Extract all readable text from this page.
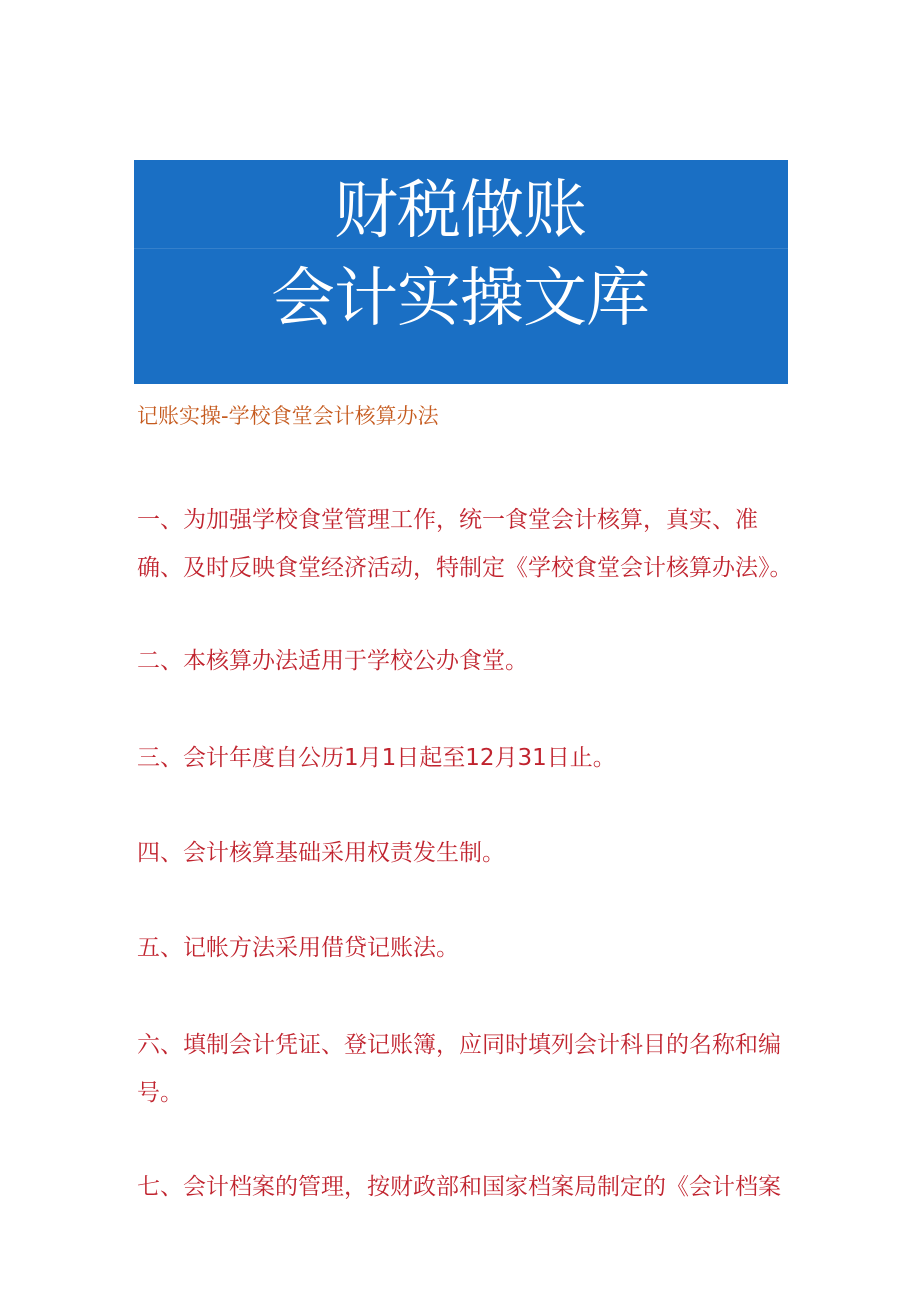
财税做账
会计实操文库
记账实操-学校食堂会计核算办法

一、为加强学校食堂管理工作，统一食堂会计核算，真实、准确、及时反映食堂经济活动，特制定《学校食堂会计核算办法》。

二、本核算办法适用于学校公办食堂。

三、会计年度自公历1月1日起至12月31日止。

四、会计核算基础采用权责发生制。

五、记帐方法采用借贷记账法。

六、填制会计凭证、登记账簿，应同时填列会计科目的名称和编号。

七、会计档案的管理，按财政部和国家档案局制定的《会计档案
